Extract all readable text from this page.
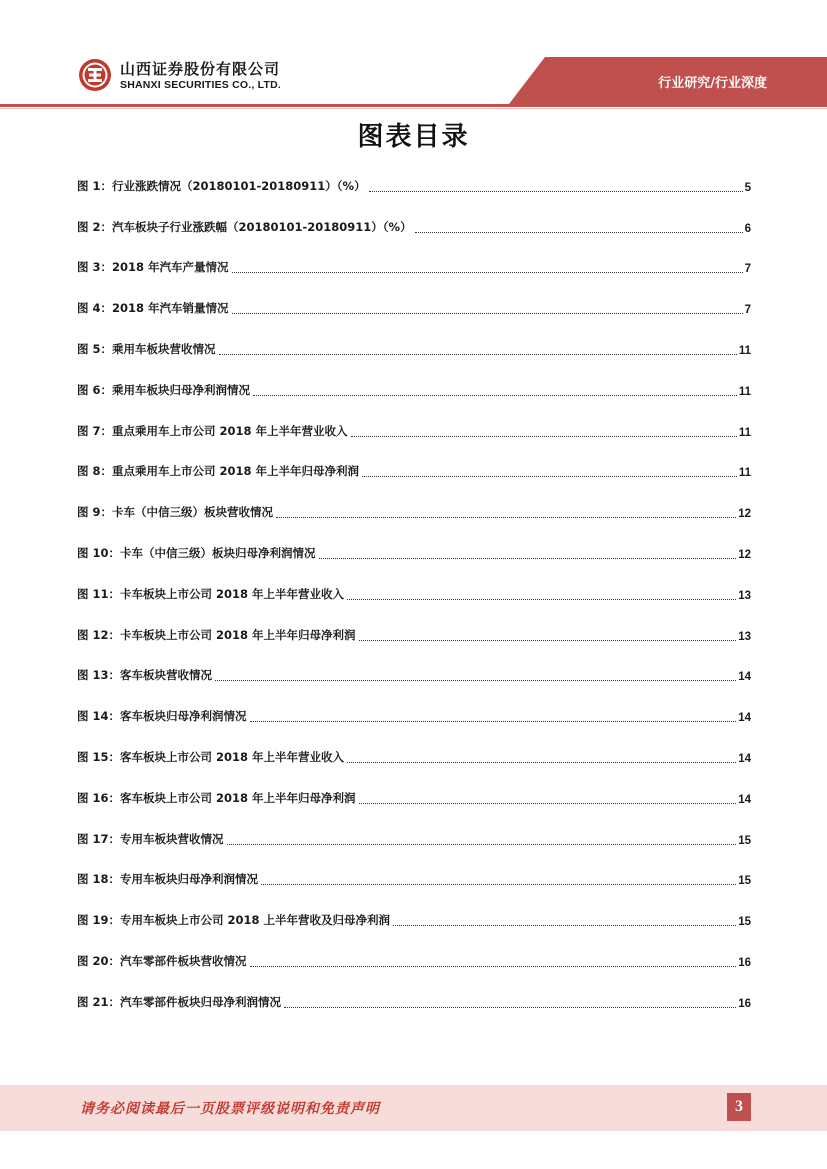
山西证券股份有限公司
SHANXI SECURITIES CO., LTD.	行业研究/行业深度
图表目录
图 1：行业涨跌情况（20180101-20180911）（%）	5
图 2：汽车板块子行业涨跌幅（20180101-20180911）（%）	6
图 3：2018 年汽车产量情况	7
图 4：2018 年汽车销量情况	7
图 5：乘用车板块营收情况	11
图 6：乘用车板块归母净利润情况	11
图 7：重点乘用车上市公司 2018 年上半年营业收入	11
图 8：重点乘用车上市公司 2018 年上半年归母净利润	11
图 9：卡车（中信三级）板块营收情况	12
图 10：卡车（中信三级）板块归母净利润情况	12
图 11：卡车板块上市公司 2018 年上半年营业收入	13
图 12：卡车板块上市公司 2018 年上半年归母净利润	13
图 13：客车板块营收情况	14
图 14：客车板块归母净利润情况	14
图 15：客车板块上市公司 2018 年上半年营业收入	14
图 16：客车板块上市公司 2018 年上半年归母净利润	14
图 17：专用车板块营收情况	15
图 18：专用车板块归母净利润情况	15
图 19：专用车板块上市公司 2018 上半年营收及归母净利润	15
图 20：汽车零部件板块营收情况	16
图 21：汽车零部件板块归母净利润情况	16
请务必阅读最后一页股票评级说明和免责声明	3
